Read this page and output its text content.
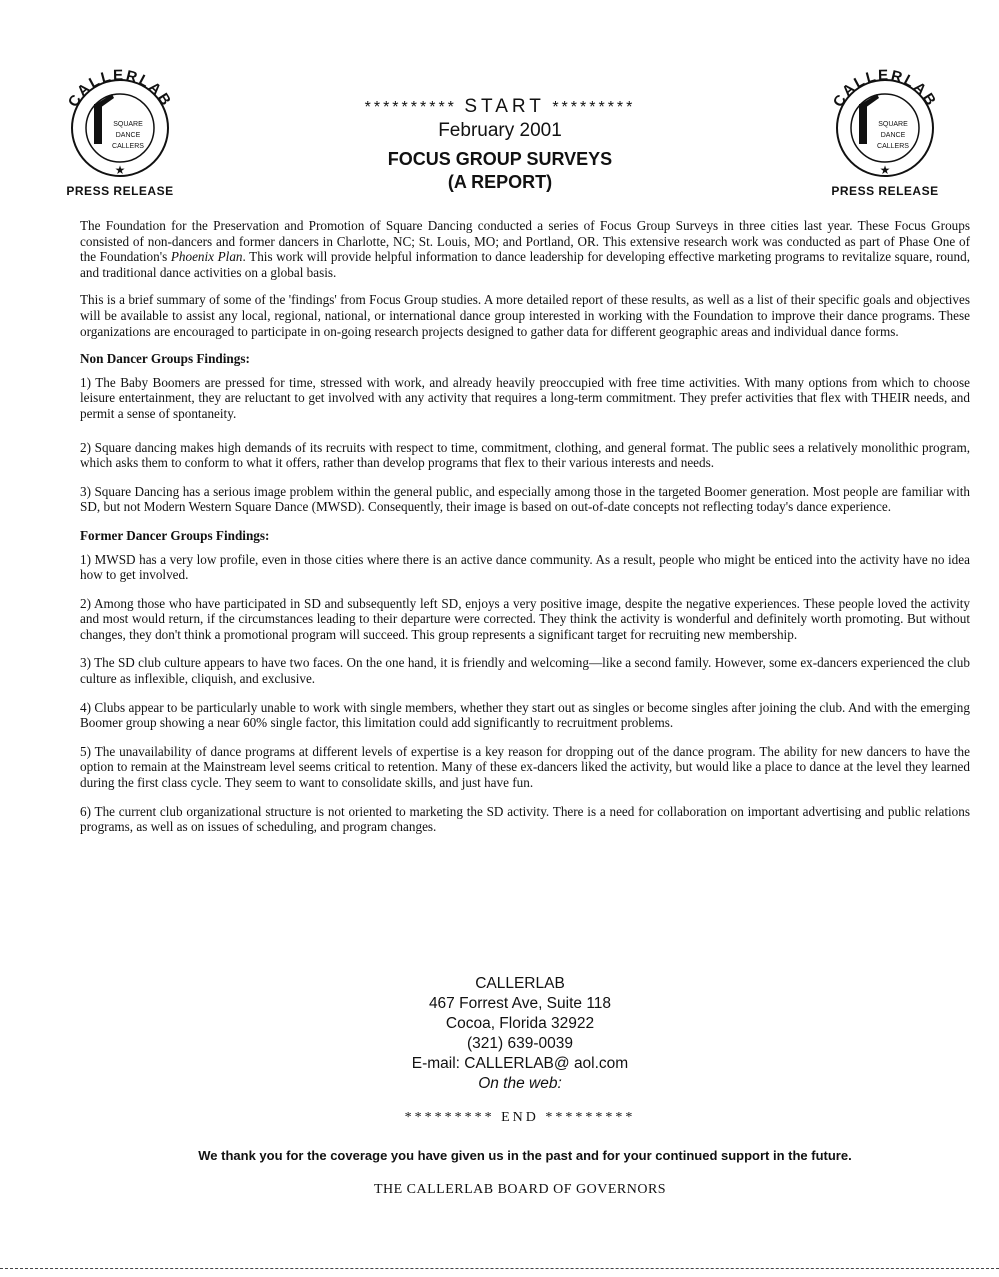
CALLERLAB
SQUARE
DANCE
CALLERS
★
PRESS RELEASE
CALLERLAB
SQUARE
DANCE
CALLERS
★
PRESS RELEASE
********** START *********
February 2001
FOCUS GROUP SURVEYS
(A REPORT)

The Foundation for the Preservation and Promotion of Square Dancing conducted a series of Focus Group Surveys in three cities last year. These Focus Groups consisted of non-dancers and former dancers in Charlotte, NC; St. Louis, MO; and Portland, OR. This extensive research work was conducted as part of Phase One of the Foundation's Phoenix Plan. This work will provide helpful information to dance leadership for developing effective marketing programs to revitalize square, round, and traditional dance activities on a global basis.

This is a brief summary of some of the 'findings' from Focus Group studies. A more detailed report of these results, as well as a list of their specific goals and objectives will be available to assist any local, regional, national, or international dance group interested in working with the Foundation to improve their dance programs. These organizations are encouraged to participate in on-going research projects designed to gather data for different geographic areas and individual dance forms.

Non Dancer Groups Findings:
1) The Baby Boomers are pressed for time, stressed with work, and already heavily preoccupied with free time activities. With many options from which to choose leisure entertainment, they are reluctant to get involved with any activity that requires a long-term commitment. They prefer activities that flex with THEIR needs, and permit a sense of spontaneity.
2) Square dancing makes high demands of its recruits with respect to time, commitment, clothing, and general format. The public sees a relatively monolithic program, which asks them to conform to what it offers, rather than develop programs that flex to their various interests and needs.
3) Square Dancing has a serious image problem within the general public, and especially among those in the targeted Boomer generation. Most people are familiar with SD, but not Modern Western Square Dance (MWSD). Consequently, their image is based on out-of-date concepts not reflecting today's dance experience.
Former Dancer Groups Findings:
1) MWSD has a very low profile, even in those cities where there is an active dance community. As a result, people who might be enticed into the activity have no idea how to get involved.
2) Among those who have participated in SD and subsequently left SD, enjoys a very positive image, despite the negative experiences. These people loved the activity and most would return, if the circumstances leading to their departure were corrected. They think the activity is wonderful and definitely worth promoting. But without changes, they don't think a promotional program will succeed. This group represents a significant target for recruiting new membership.
3) The SD club culture appears to have two faces. On the one hand, it is friendly and welcoming—like a second family. However, some ex-dancers experienced the club culture as inflexible, cliquish, and exclusive.
4) Clubs appear to be particularly unable to work with single members, whether they start out as singles or become singles after joining the club. And with the emerging Boomer group showing a near 60% single factor, this limitation could add significantly to recruitment problems.
5) The unavailability of dance programs at different levels of expertise is a key reason for dropping out of the dance program. The ability for new dancers to have the option to remain at the Mainstream level seems critical to retention. Many of these ex-dancers liked the activity, but would like a place to dance at the level they learned during the first class cycle. They seem to want to consolidate skills, and just have fun.
6) The current club organizational structure is not oriented to marketing the SD activity. There is a need for collaboration on important advertising and public relations programs, as well as on issues of scheduling, and program changes.
CALLERLAB
467 Forrest Ave, Suite 118
Cocoa, Florida 32922
(321) 639-0039
E-mail: CALLERLAB@ aol.com
On the web:
********* END *********
We thank you for the coverage you have given us in the past and for your continued support in the future.
THE CALLERLAB BOARD OF GOVERNORS
